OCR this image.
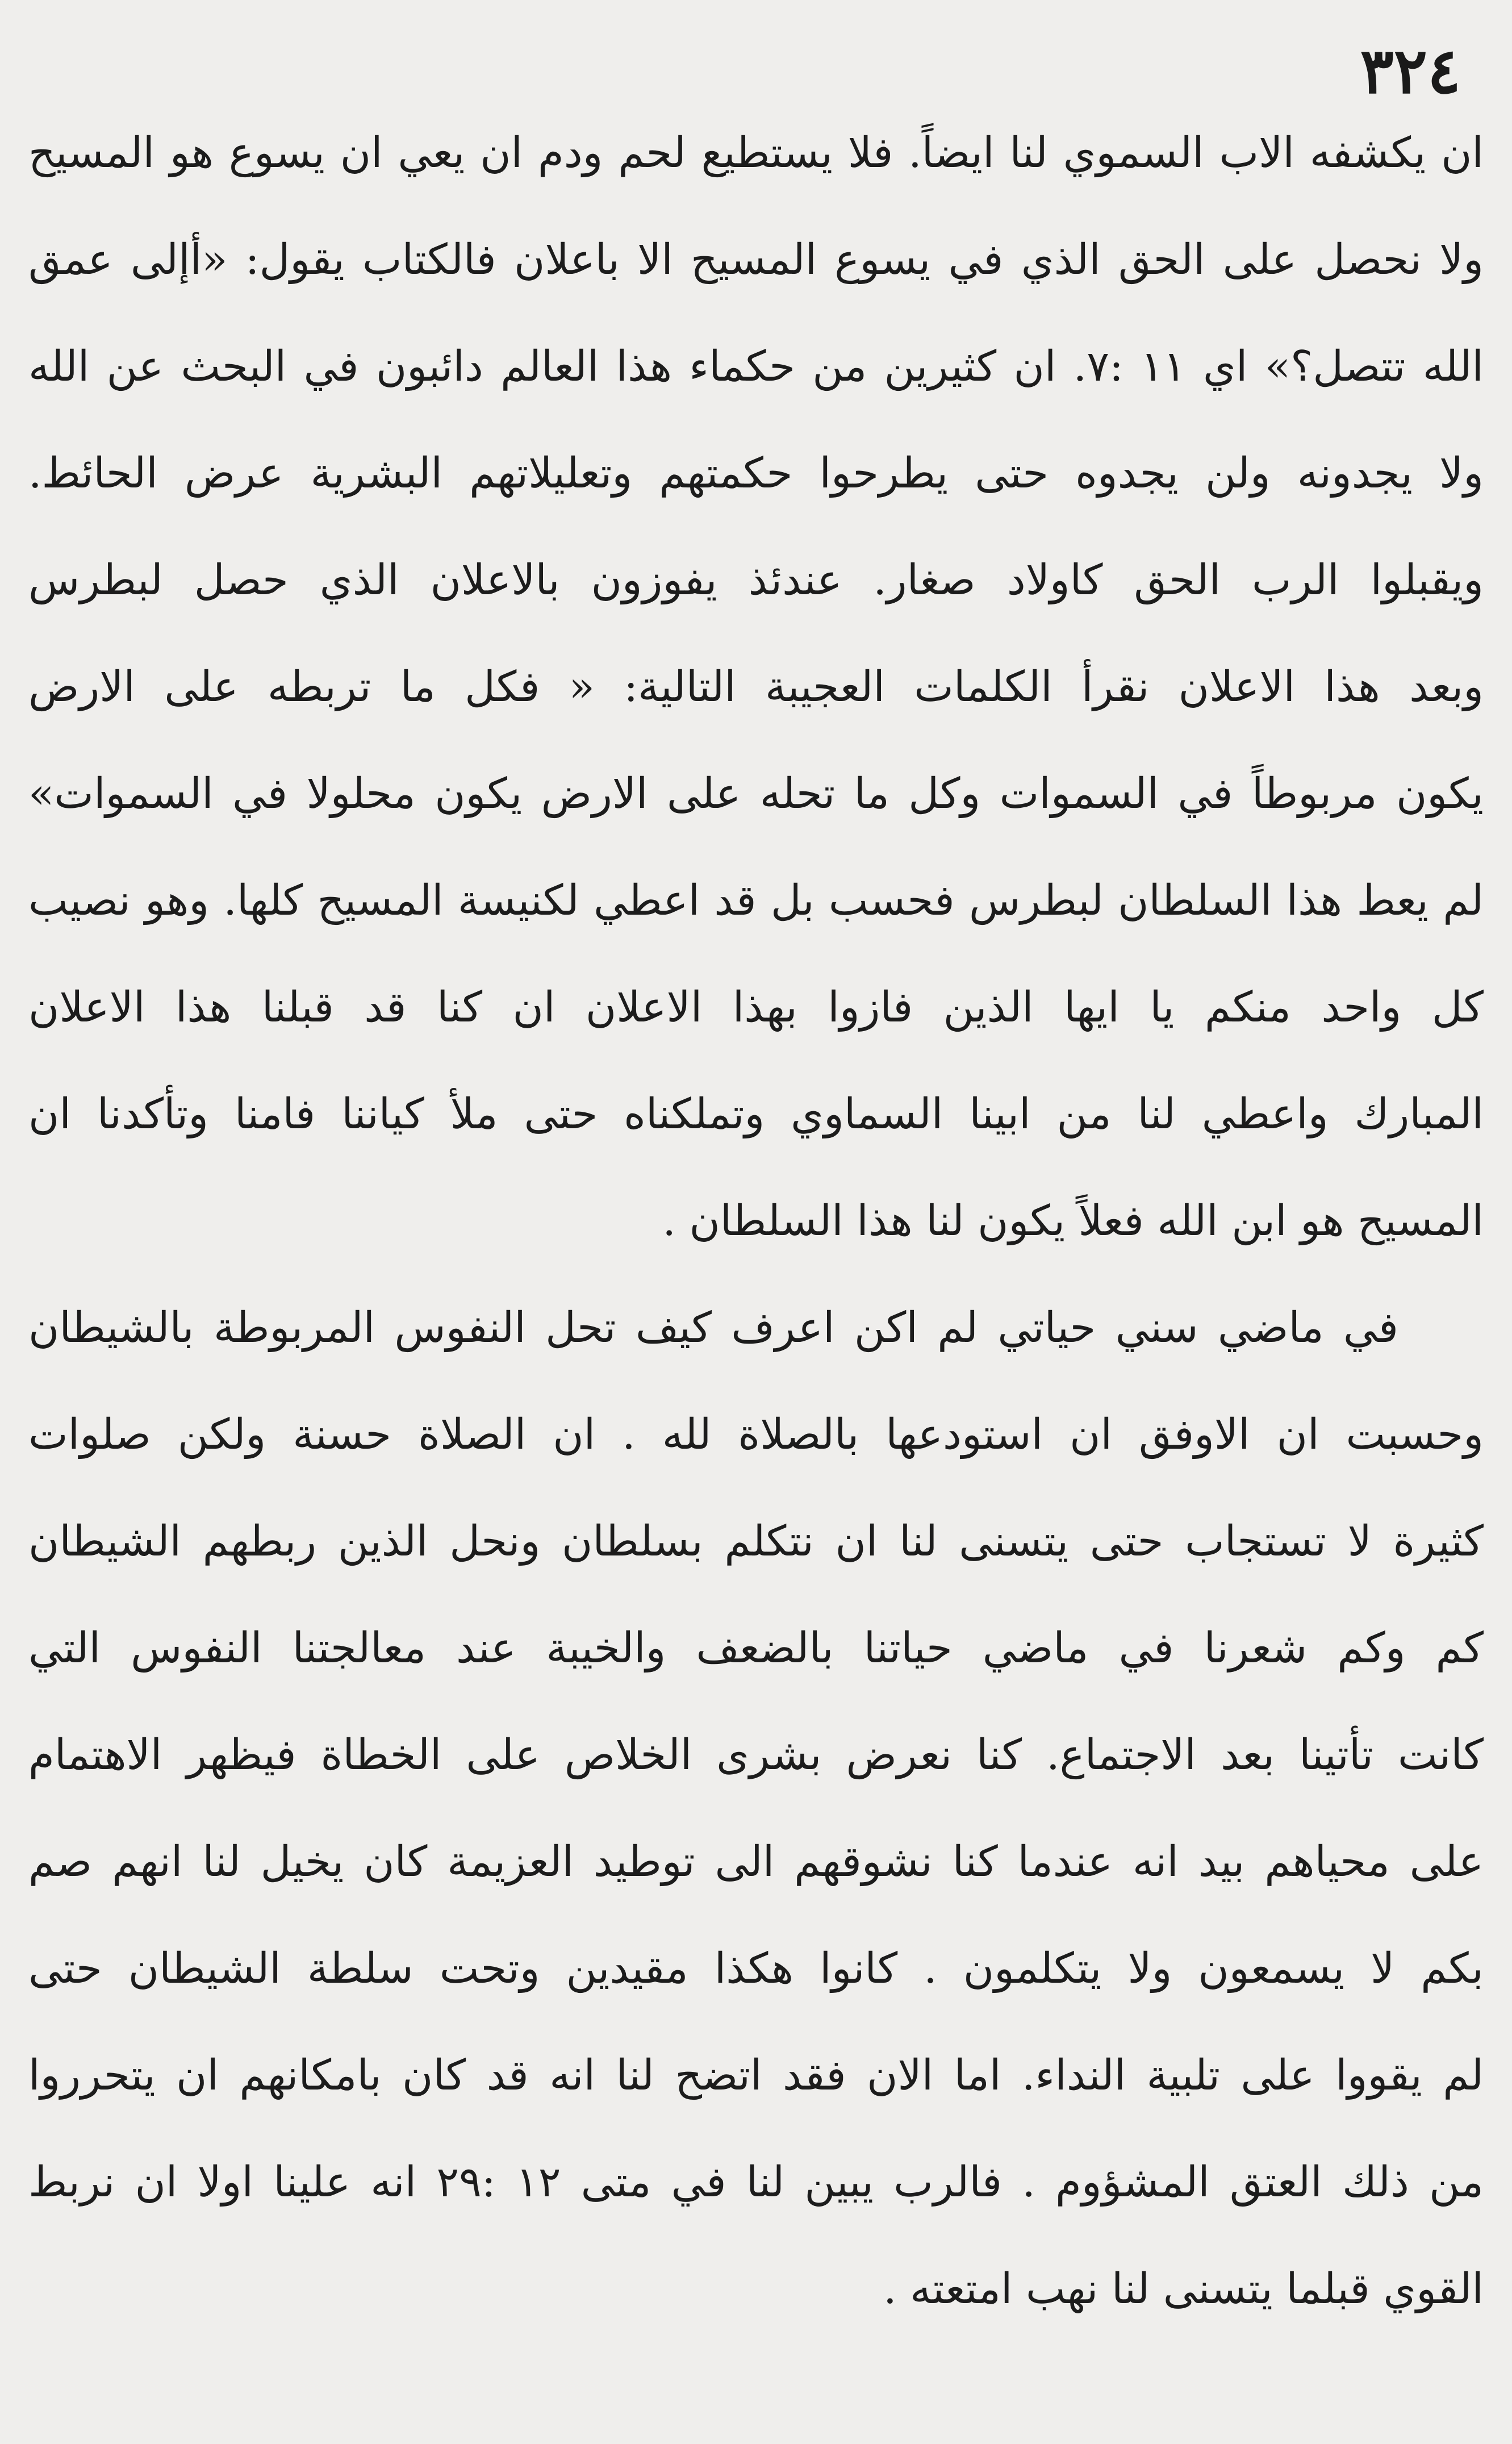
٣٢٤
ان يكشفه الاب السموي لنا ايضاً. فلا يستطيع لحم ودم ان يعي ان يسوع هو المسيح
ولا نحصل على الحق الذي في يسوع المسيح الا باعلان فالكتاب يقول: «أإلى عمق
الله تتصل؟» اي ١١ :٧. ان كثيرين من حكماء هذا العالم دائبون في البحث عن الله
ولا يجدونه ولن يجدوه حتى يطرحوا حكمتهم وتعليلاتهم البشرية عرض الحائط.
ويقبلوا الرب الحق كاولاد صغار. عندئذ يفوزون بالاعلان الذي حصل لبطرس
وبعد هذا الاعلان نقرأ الكلمات العجيبة التالية: « فكل ما تربطه على الارض
يكون مربوطاً في السموات وكل ما تحله على الارض يكون محلولا في السموات»
لم يعط هذا السلطان لبطرس فحسب بل قد اعطي لكنيسة المسيح كلها. وهو نصيب
كل واحد منكم يا ايها الذين فازوا بهذا الاعلان ان كنا قد قبلنا هذا الاعلان
المبارك واعطي لنا من ابينا السماوي وتملكناه حتى ملأ كياننا فامنا وتأكدنا ان
المسيح هو ابن الله فعلاً يكون لنا هذا السلطان .
في ماضي سني حياتي لم اكن اعرف كيف تحل النفوس المربوطة بالشيطان
وحسبت ان الاوفق ان استودعها بالصلاة لله . ان الصلاة حسنة ولكن صلوات
كثيرة لا تستجاب حتى يتسنى لنا ان نتكلم بسلطان ونحل الذين ربطهم الشيطان
كم وكم شعرنا في ماضي حياتنا بالضعف والخيبة عند معالجتنا النفوس التي
كانت تأتينا بعد الاجتماع. كنا نعرض بشرى الخلاص على الخطاة فيظهر الاهتمام
على محياهم بيد انه عندما كنا نشوقهم الى توطيد العزيمة كان يخيل لنا انهم صم
بكم لا يسمعون ولا يتكلمون . كانوا هكذا مقيدين وتحت سلطة الشيطان حتى
لم يقووا على تلبية النداء. اما الان فقد اتضح لنا انه قد كان بامكانهم ان يتحرروا
من ذلك العتق المشؤوم . فالرب يبين لنا في متى ١٢ :٢٩ انه علينا اولا ان نربط
القوي قبلما يتسنى لنا نهب امتعته .
